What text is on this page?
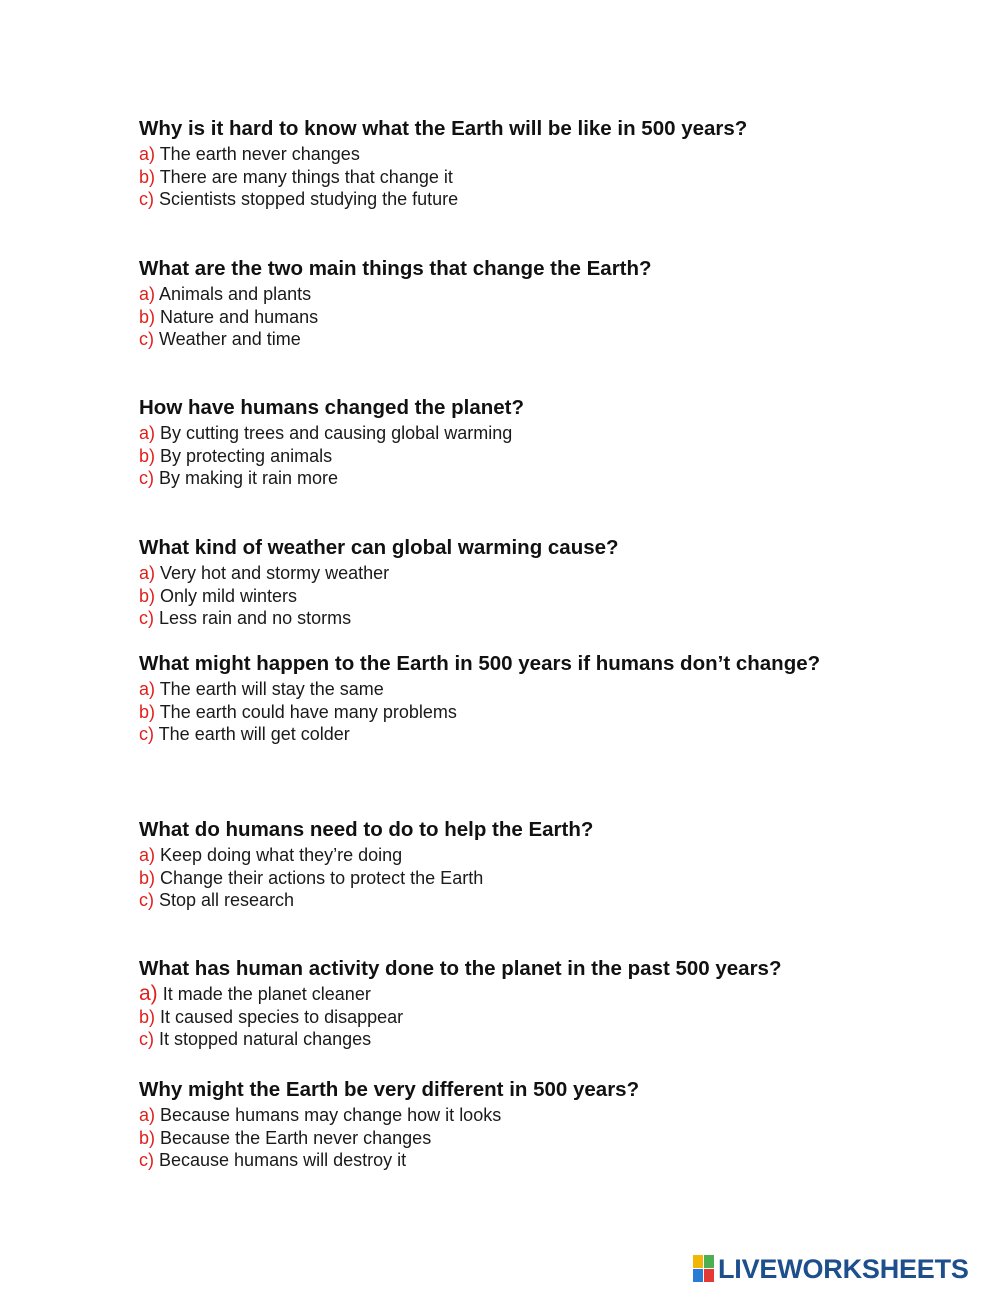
Why is it hard to know what the Earth will be like in 500 years?
a) The earth never changes
b) There are many things that change it
c) Scientists stopped studying the future
What are the two main things that change the Earth?
a) Animals and plants
b) Nature and humans
c) Weather and time
How have humans changed the planet?
a) By cutting trees and causing global warming
b) By protecting animals
c) By making it rain more
What kind of weather can global warming cause?
a) Very hot and stormy weather
b) Only mild winters
c) Less rain and no storms
What might happen to the Earth in 500 years if humans don’t change?
a) The earth will stay the same
b) The earth could have many problems
c) The earth will get colder
What do humans need to do to help the Earth?
a) Keep doing what they’re doing
b) Change their actions to protect the Earth
c) Stop all research
What has human activity done to the planet in the past 500 years?
a) It made the planet cleaner
b) It caused species to disappear
c) It stopped natural changes
Why might the Earth be very different in 500 years?
a) Because humans may change how it looks
b) Because the Earth never changes
c) Because humans will destroy it
LIVEWORKSHEETS
